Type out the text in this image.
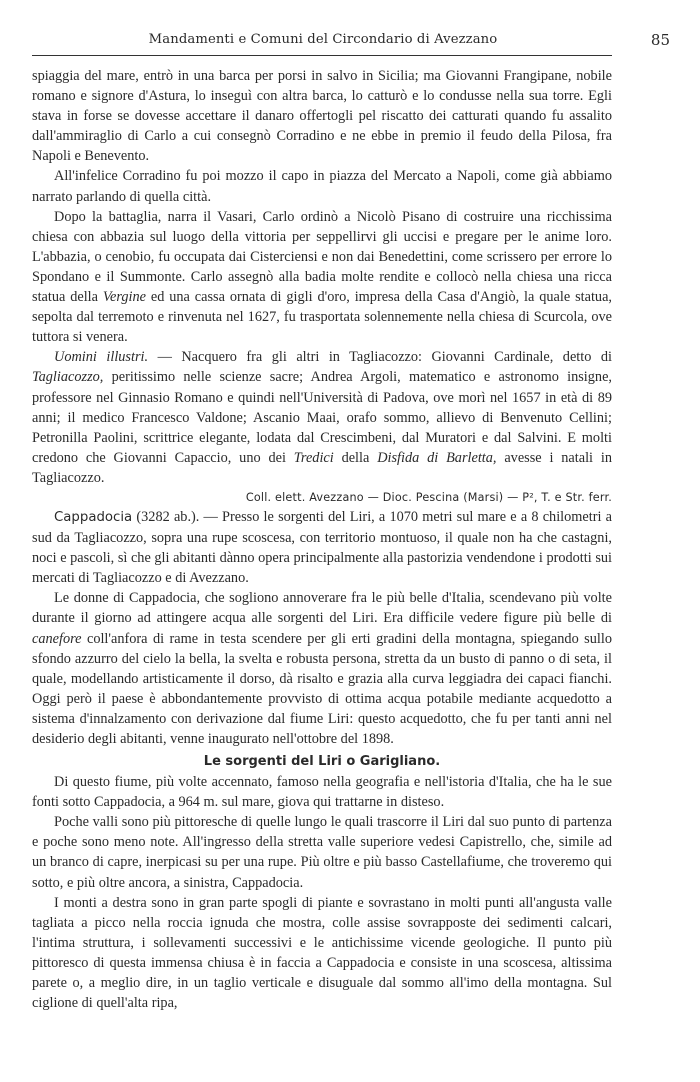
Mandamenti e Comuni del Circondario di Avezzano	85

spiaggia del mare, entrò in una barca per porsi in salvo in Sicilia; ma Giovanni Frangipane, nobile romano e signore d'Astura, lo inseguì con altra barca, lo catturò e lo condusse nella sua torre. Egli stava in forse se dovesse accettare il danaro offertogli pel riscatto dei catturati quando fu assalito dall'ammiraglio di Carlo a cui consegnò Corradino e ne ebbe in premio il feudo della Pilosa, fra Napoli e Benevento.

All'infelice Corradino fu poi mozzo il capo in piazza del Mercato a Napoli, come già abbiamo narrato parlando di quella città.

Dopo la battaglia, narra il Vasari, Carlo ordinò a Nicolò Pisano di costruire una ricchissima chiesa con abbazia sul luogo della vittoria per seppellirvi gli uccisi e pregare per le anime loro. L'abbazia, o cenobio, fu occupata dai Cisterciensi e non dai Benedettini, come scrissero per errore lo Spondano e il Summonte. Carlo assegnò alla badia molte rendite e collocò nella chiesa una ricca statua della Vergine ed una cassa ornata di gigli d'oro, impresa della Casa d'Angiò, la quale statua, sepolta dal terremoto e rinvenuta nel 1627, fu trasportata solennemente nella chiesa di Scurcola, ove tuttora si venera.

Uomini illustri. — Nacquero fra gli altri in Tagliacozzo: Giovanni Cardinale, detto di Tagliacozzo, peritissimo nelle scienze sacre; Andrea Argoli, matematico e astronomo insigne, professore nel Ginnasio Romano e quindi nell'Università di Padova, ove morì nel 1657 in età di 89 anni; il medico Francesco Valdone; Ascanio Maai, orafo sommo, allievo di Benvenuto Cellini; Petronilla Paolini, scrittrice elegante, lodata dal Crescimbeni, dal Muratori e dal Salvini. E molti credono che Giovanni Capaccio, uno dei Tredici della Disfida di Barletta, avesse i natali in Tagliacozzo.

Coll. elett. Avezzano — Dioc. Pescina (Marsi) — P², T. e Str. ferr.

Cappadocia (3282 ab.). — Presso le sorgenti del Liri, a 1070 metri sul mare e a 8 chilometri a sud da Tagliacozzo, sopra una rupe scoscesa, con territorio montuoso, il quale non ha che castagni, noci e pascoli, sì che gli abitanti dànno opera principalmente alla pastorizia vendendone i prodotti sui mercati di Tagliacozzo e di Avezzano.

Le donne di Cappadocia, che sogliono annoverare fra le più belle d'Italia, scendevano più volte durante il giorno ad attingere acqua alle sorgenti del Liri. Era difficile vedere figure più belle di canefore coll'anfora di rame in testa scendere per gli erti gradini della montagna, spiegando sullo sfondo azzurro del cielo la bella, la svelta e robusta persona, stretta da un busto di panno o di seta, il quale, modellando artisticamente il dorso, dà risalto e grazia alla curva leggiadra dei capaci fianchi. Oggi però il paese è abbondantemente provvisto di ottima acqua potabile mediante acquedotto a sistema d'innalzamento con derivazione dal fiume Liri: questo acquedotto, che fu per tanti anni nel desiderio degli abitanti, venne inaugurato nell'ottobre del 1898.

Le sorgenti del Liri o Garigliano.

Di questo fiume, più volte accennato, famoso nella geografia e nell'istoria d'Italia, che ha le sue fonti sotto Cappadocia, a 964 m. sul mare, giova qui trattarne in disteso.

Poche valli sono più pittoresche di quelle lungo le quali trascorre il Liri dal suo punto di partenza e poche sono meno note. All'ingresso della stretta valle superiore vedesi Capistrello, che, simile ad un branco di capre, inerpicasi su per una rupe. Più oltre e più basso Castellafiume, che troveremo qui sotto, e più oltre ancora, a sinistra, Cappadocia.

I monti a destra sono in gran parte spogli di piante e sovrastano in molti punti all'angusta valle tagliata a picco nella roccia ignuda che mostra, colle assise sovrapposte dei sedimenti calcari, l'intima struttura, i sollevamenti successivi e le antichissime vicende geologiche. Il punto più pittoresco di questa immensa chiusa è in faccia a Cappadocia e consiste in una scoscesa, altissima parete o, a meglio dire, in un taglio verticale e disuguale dal sommo all'imo della montagna. Sul ciglione di quell'alta ripa,
